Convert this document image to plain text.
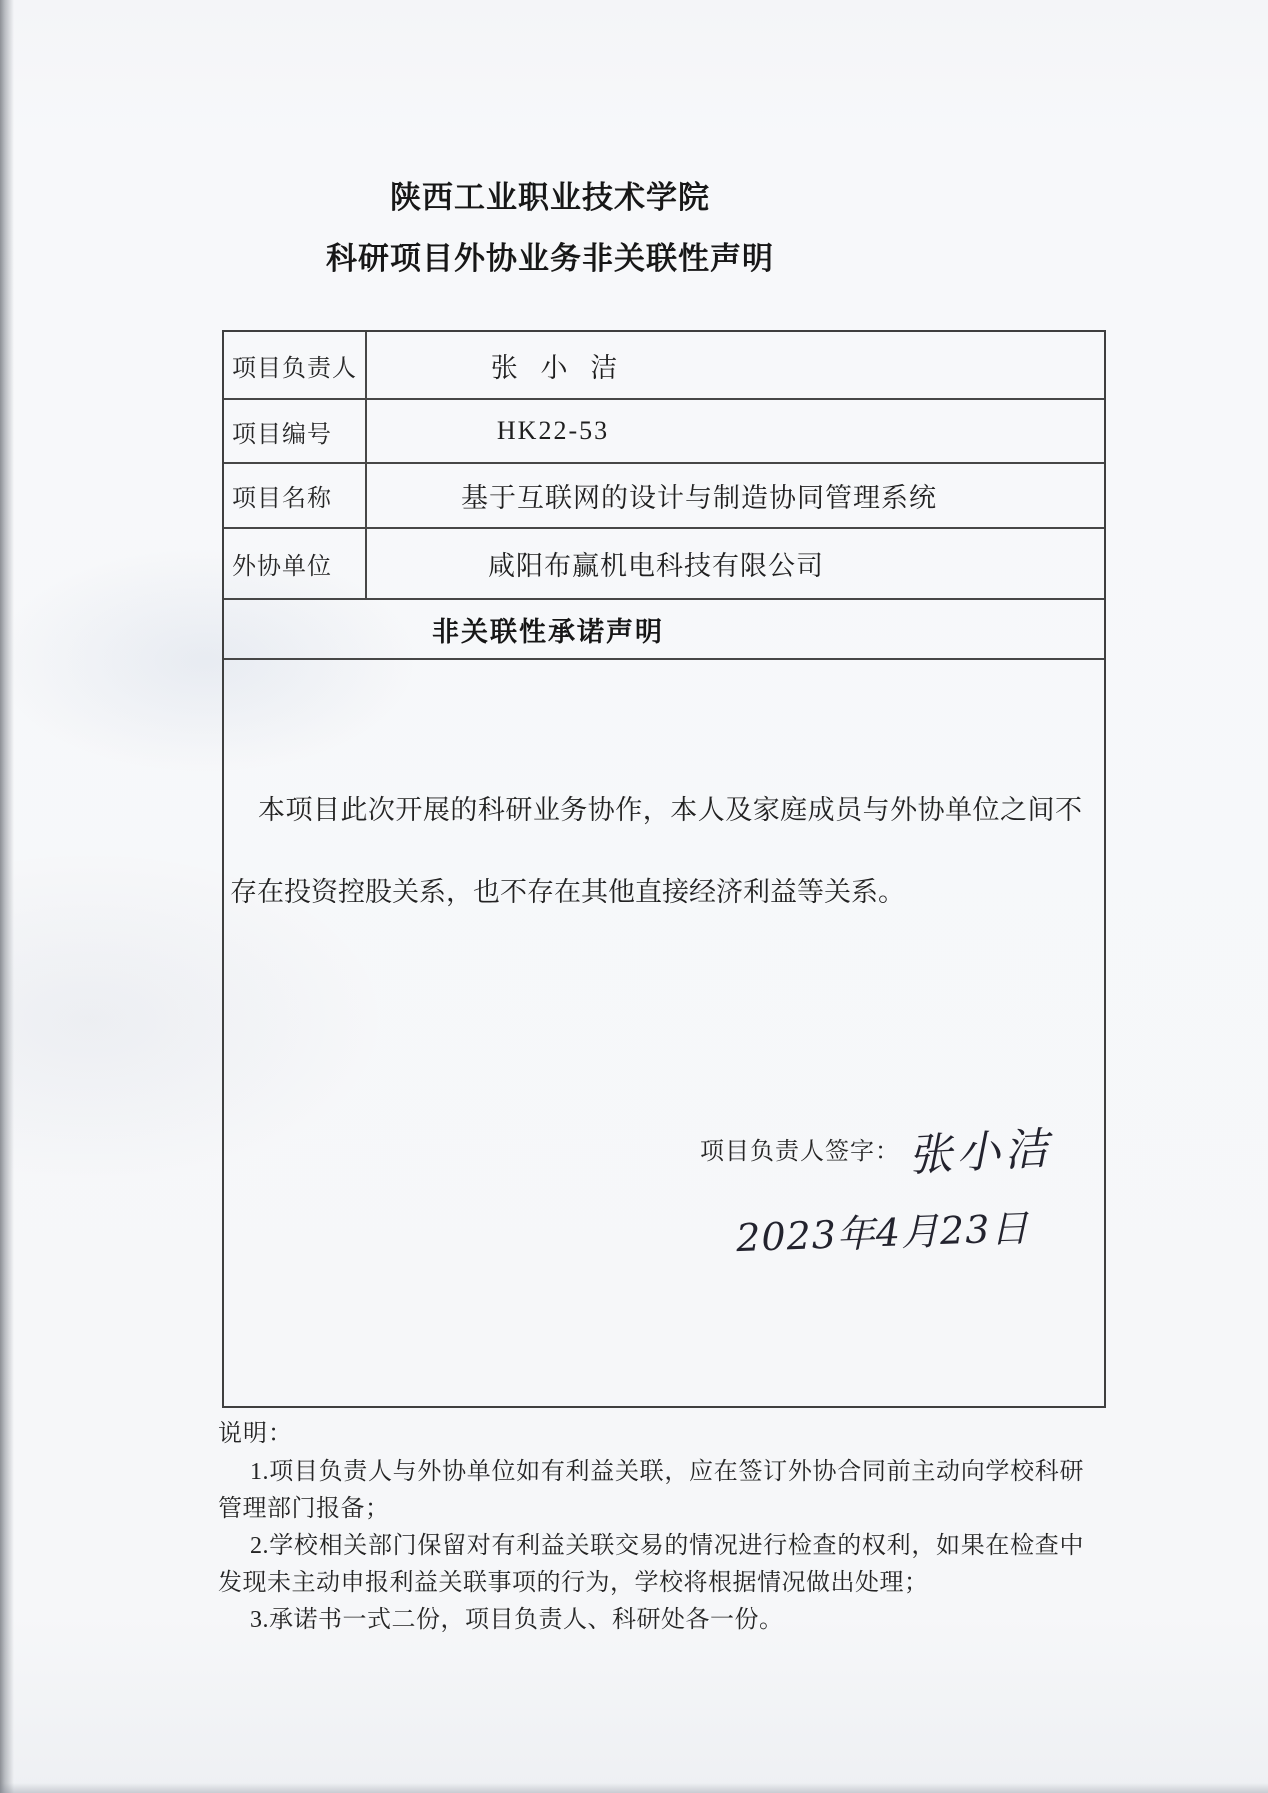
陕西工业职业技术学院
科研项目外协业务非关联性声明
项目负责人	张 小 洁
项目编号	HK22-53
项目名称	基于互联网的设计与制造协同管理系统
外协单位	咸阳布赢机电科技有限公司
非关联性承诺声明

本项目此次开展的科研业务协作，本人及家庭成员与外协单位之间不存在投资控股关系，也不存在其他直接经济利益等关系。

项目负责人签字： 张小洁
2023年4月23日
说明：

1.项目负责人与外协单位如有利益关联，应在签订外协合同前主动向学校科研管理部门报备；

2.学校相关部门保留对有利益关联交易的情况进行检查的权利，如果在检查中发现未主动申报利益关联事项的行为，学校将根据情况做出处理；

3.承诺书一式二份，项目负责人、科研处各一份。
